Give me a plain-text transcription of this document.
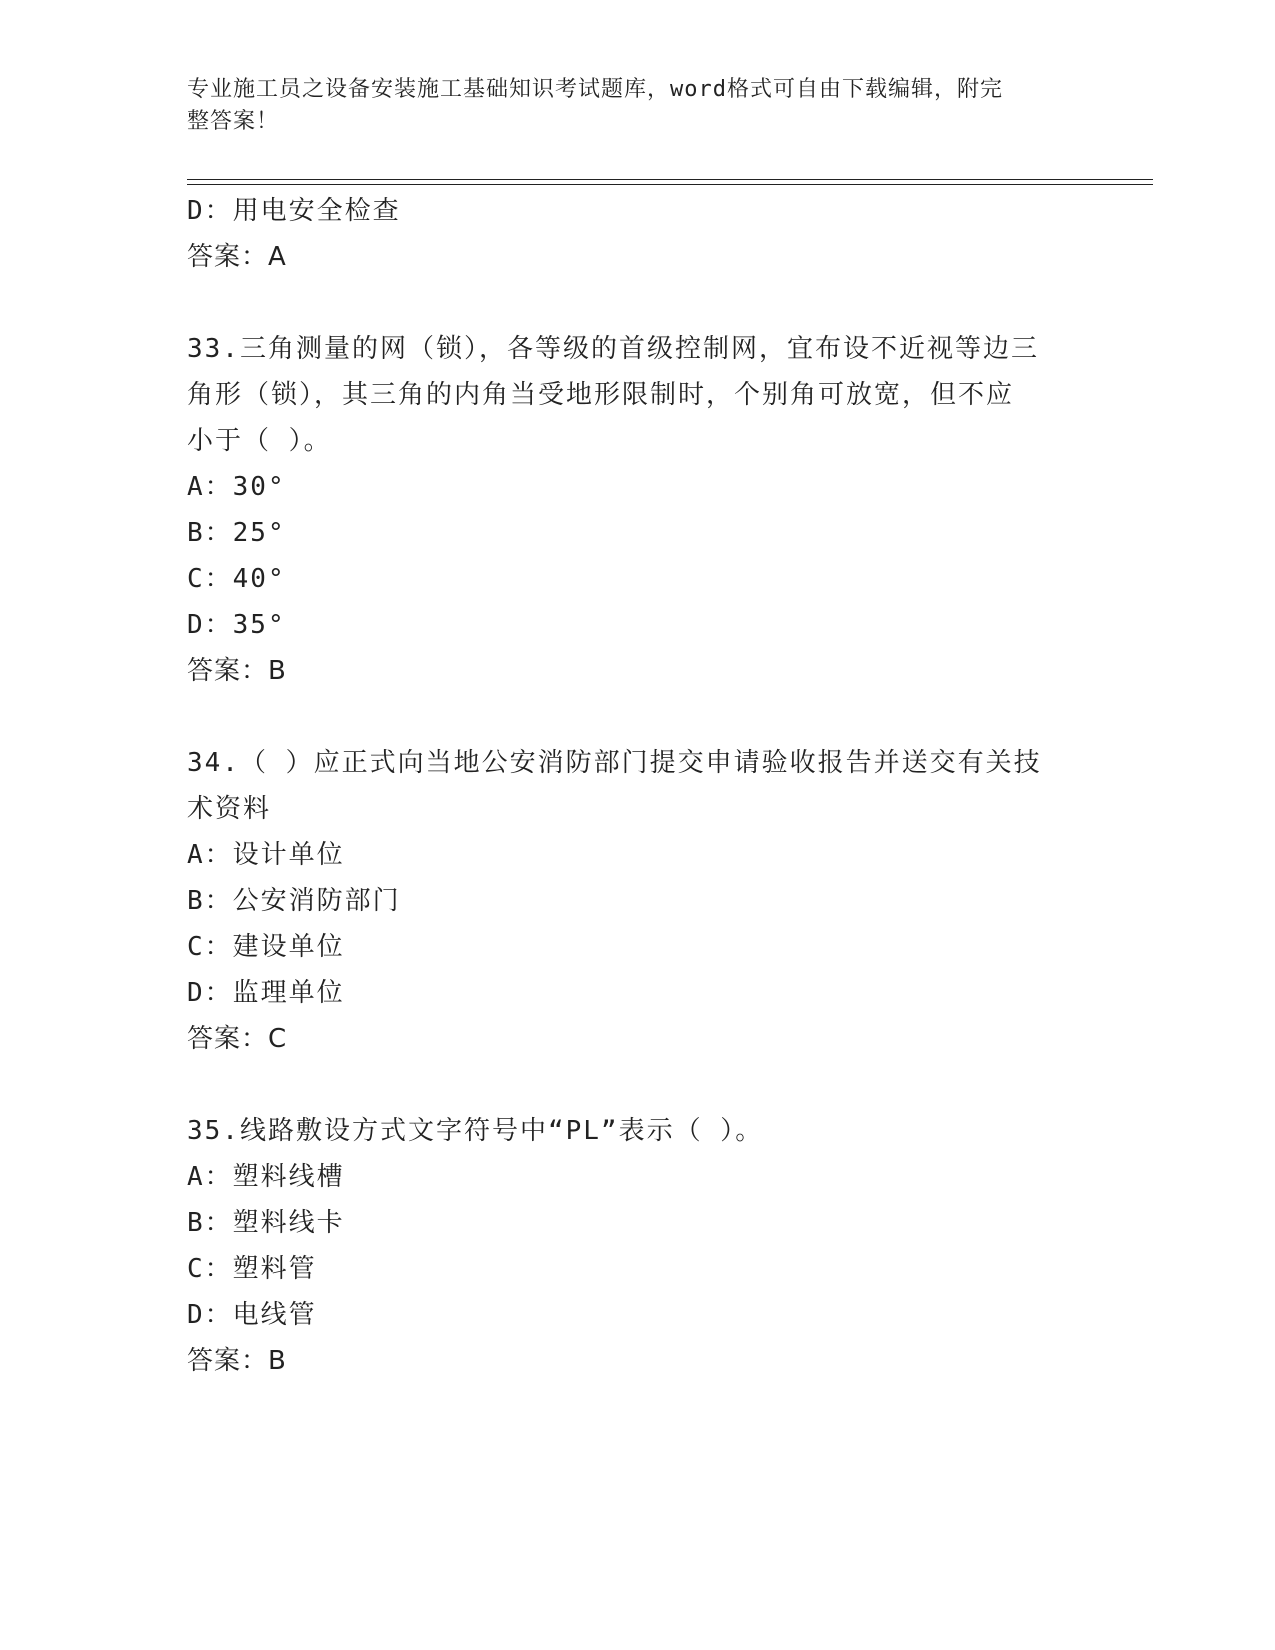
专业施工员之设备安装施工基础知识考试题库，word格式可自由下载编辑，附完
整答案！
D：用电安全检查
答案：A
33.三角测量的网（锁），各等级的首级控制网，宜布设不近视等边三
角形（锁），其三角的内角当受地形限制时，个别角可放宽，但不应
小于（ ）。
A：30°
B：25°
C：40°
D：35°
答案：B
34.（ ）应正式向当地公安消防部门提交申请验收报告并送交有关技
术资料
A：设计单位
B：公安消防部门
C：建设单位
D：监理单位
答案：C
35.线路敷设方式文字符号中“PL”表示（ ）。
A：塑料线槽
B：塑料线卡
C：塑料管
D：电线管
答案：B
